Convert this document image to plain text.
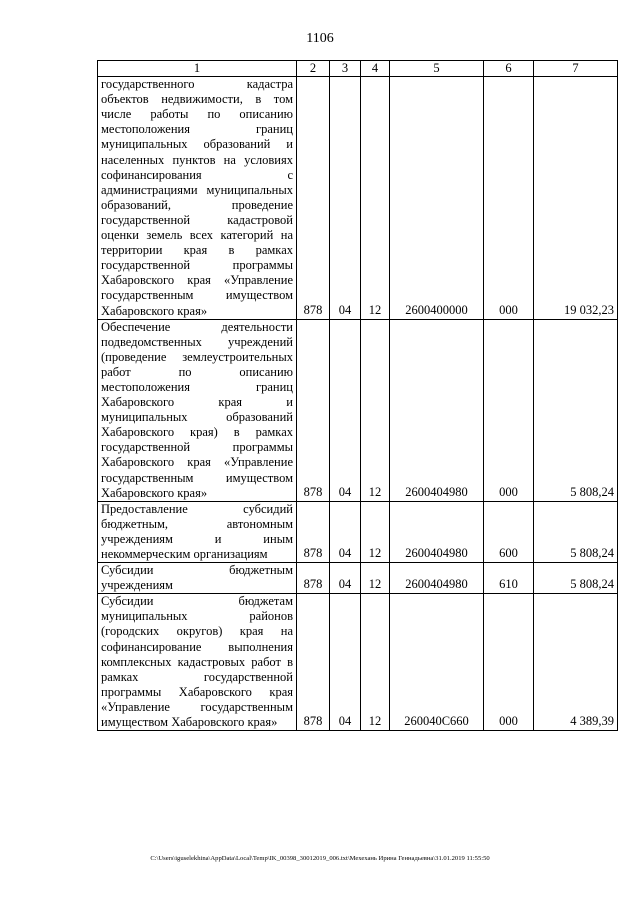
1106
1	2	3	4	5	6	7
государственного кадастра объектов недвижимости, в том числе работы по описанию местоположения границ муниципальных образований и населенных пунктов на условиях софинансирования с администрациями муниципальных образований, проведение государственной кадастровой оценки земель всех категорий на территории края в рамках государственной программы Хабаровского края «Управление государственным имуществом Хабаровского края»	878	04	12	2600400000	000	19 032,23
Обеспечение деятельности подведомственных учреждений (проведение землеустроительных работ по описанию местоположения границ Хабаровского края и муниципальных образований Хабаровского края) в рамках государственной программы Хабаровского края «Управление государственным имуществом Хабаровского края»	878	04	12	2600404980	000	5 808,24
Предоставление субсидий бюджетным, автономным учреждениям и иным некоммерческим организациям	878	04	12	2600404980	600	5 808,24
Субсидии бюджетным учреждениям	878	04	12	2600404980	610	5 808,24
Субсидии бюджетам муниципальных районов (городских округов) края на софинансирование выполнения комплексных кадастровых работ в рамках государственной программы Хабаровского края «Управление государственным имуществом Хабаровского края»	878	04	12	260040С660	000	4 389,39
C:\Users\iguselekhina\AppData\Local\Temp\IK_00398_30012019_006.txt\Мехехань Ирина Геннадьевна\31.01.2019 11:55:50
